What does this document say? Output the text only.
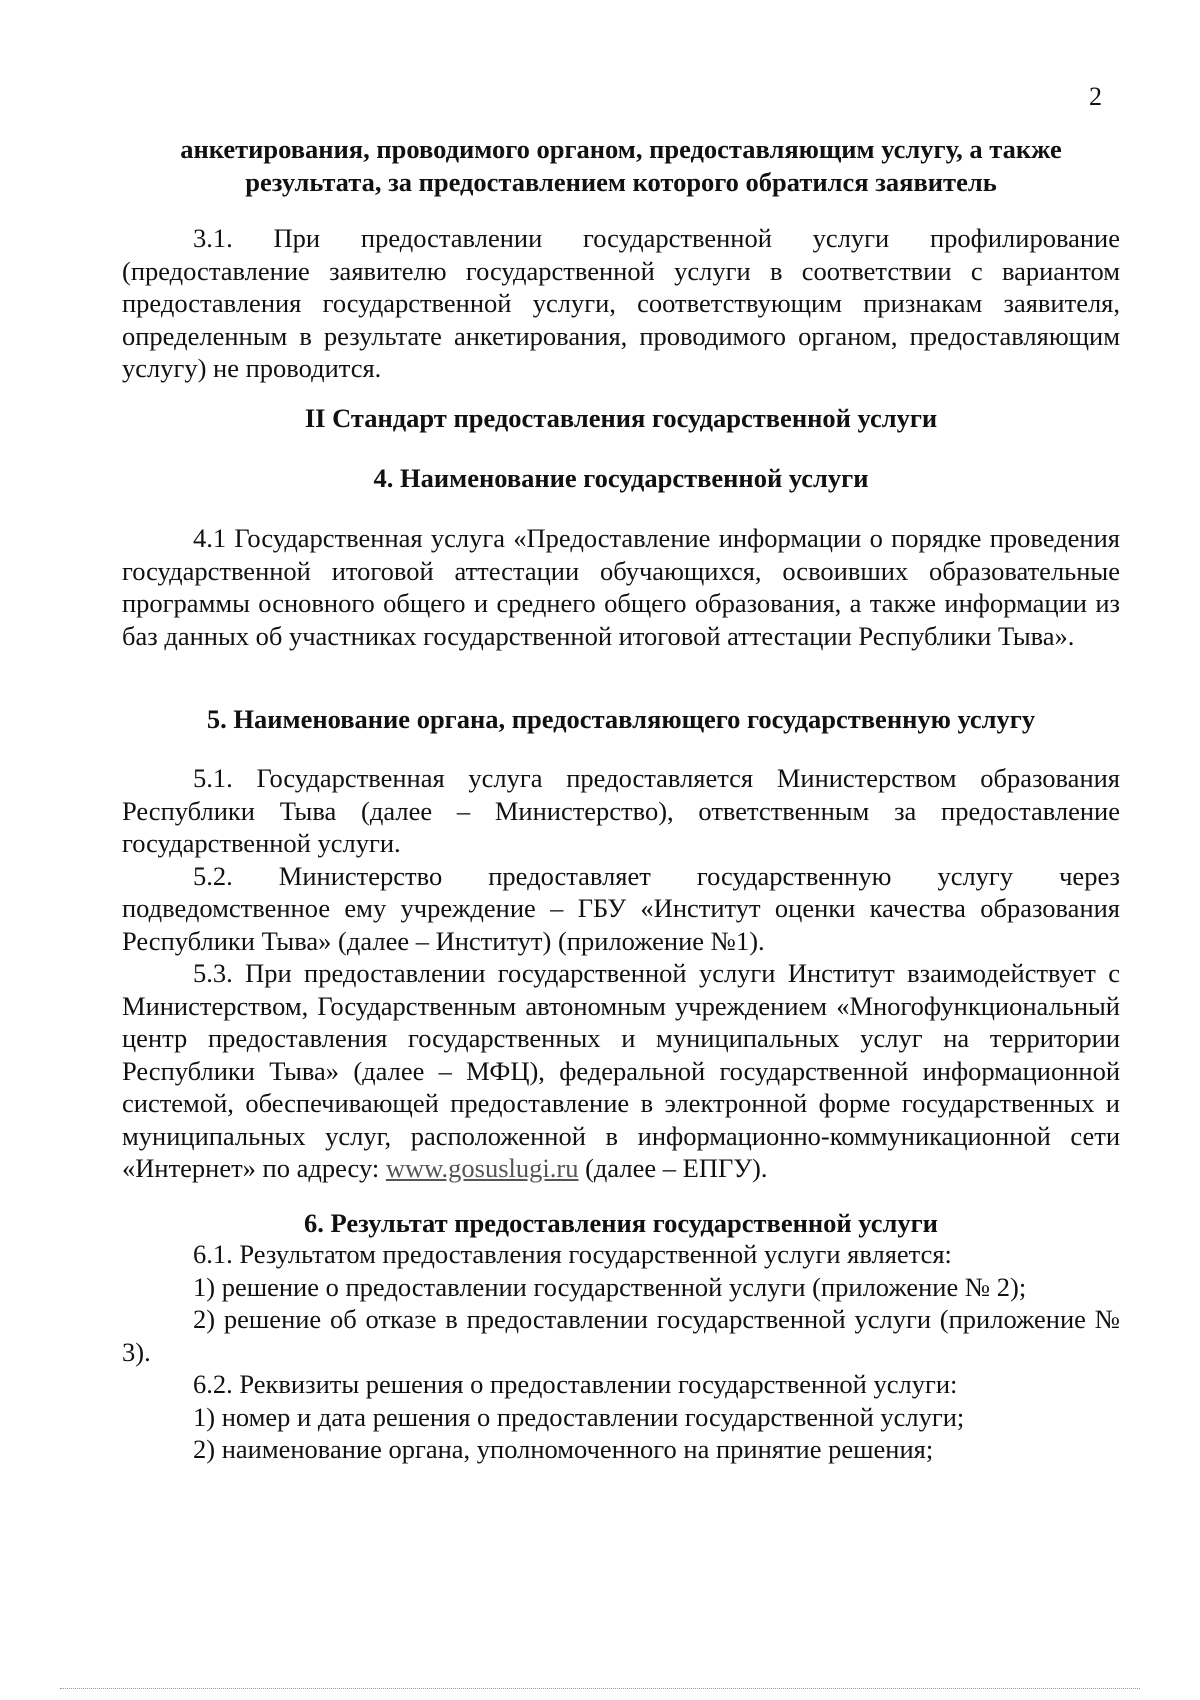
2
анкетирования, проводимого органом, предоставляющим услугу, а также
результата, за предоставлением которого обратился заявитель

3.1. При предоставлении государственной услуги профилирование (предоставление заявителю государственной услуги в соответствии с вариантом предоставления государственной услуги, соответствующим признакам заявителя, определенным в результате анкетирования, проводимого органом, предоставляющим услугу) не проводится.

II Стандарт предоставления государственной услуги
4. Наименование государственной услуги

4.1 Государственная услуга «Предоставление информации о порядке проведения государственной итоговой аттестации обучающихся, освоивших образовательные программы основного общего и среднего общего образования, а также информации из баз данных об участниках государственной итоговой аттестации Республики Тыва».

5. Наименование органа, предоставляющего государственную услугу

5.1. Государственная услуга предоставляется Министерством образования Республики Тыва (далее – Министерство), ответственным за предоставление государственной услуги.

5.2. Министерство предоставляет государственную услугу через подведомственное ему учреждение – ГБУ «Институт оценки качества образования Республики Тыва» (далее – Институт) (приложение №1).

5.3. При предоставлении государственной услуги Институт взаимодействует с Министерством, Государственным автономным учреждением «Многофункциональный центр предоставления государственных и муниципальных услуг на территории Республики Тыва» (далее – МФЦ), федеральной государственной информационной системой, обеспечивающей предоставление в электронной форме государственных и муниципальных услуг, расположенной в информационно-коммуникационной сети «Интернет» по адресу: www.gosuslugi.ru (далее – ЕПГУ).

6. Результат предоставления государственной услуги

6.1. Результатом предоставления государственной услуги является:

1) решение о предоставлении государственной услуги (приложение № 2);

2) решение об отказе в предоставлении государственной услуги (приложение № 3).

6.2. Реквизиты решения о предоставлении государственной услуги:

1) номер и дата решения о предоставлении государственной услуги;

2) наименование органа, уполномоченного на принятие решения;
